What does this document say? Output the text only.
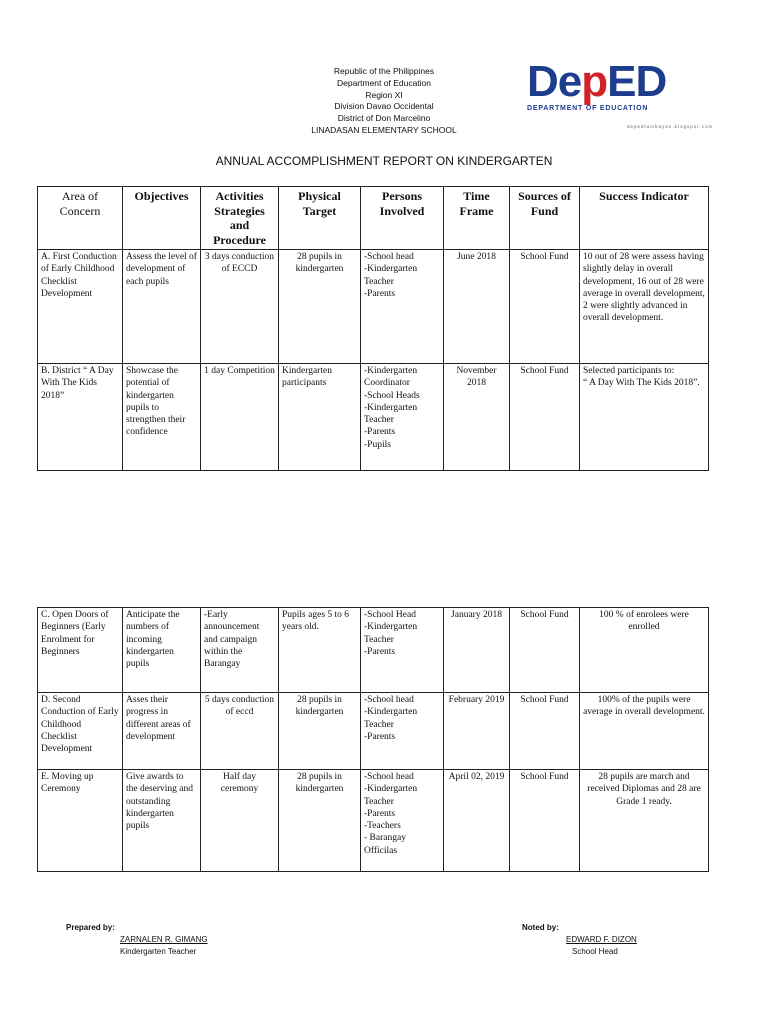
Republic of the Philippines
Department of Education
Region XI
Division Davao Occidental
District of Don Marcelino
LINADASAN ELEMENTARY SCHOOL
DepED
DEPARTMENT OF EDUCATION
depedtambayan.blogspot.com
ANNUAL ACCOMPLISHMENT REPORT ON KINDERGARTEN
Area of Concern	Objectives	Activities Strategies and Procedure	Physical Target	Persons Involved	Time Frame	Sources of Fund	Success Indicator
A. First Conduction of Early Childhood Checklist Development	Assess the level of development of each pupils	3 days conduction of ECCD	28 pupils in kindergarten	-School head
-Kindergarten Teacher
-Parents	June 2018	School Fund	10 out of 28 were assess having slightly delay in overall development, 16 out of 28 were average in overall development,
2 were slightly advanced in overall development.
B. District “ A Day With The Kids 2018”	Showcase the potential of kindergarten pupils to strengthen their confidence	1 day Competition	Kindergarten participants	-Kindergarten Coordinator
-School Heads
-Kindergarten Teacher
-Parents
-Pupils	November 2018	School Fund	Selected participants to:
“ A Day With The Kids 2018”.
C. Open Doors of Beginners (Early Enrolment for Beginners	Anticipate the numbers of incoming kindergarten pupils	-Early announcement and campaign within the Barangay	Pupils ages 5 to 6 years old.	-School Head
-Kindergarten Teacher
-Parents	January 2018	School Fund	100 % of enrolees were enrolled
D. Second Conduction of Early Childhood Checklist Development	Asses their progress in different areas of development	5 days conduction of eccd	28 pupils in kindergarten	-School head
-Kindergarten Teacher
-Parents	February 2019	School Fund	100% of the pupils were average in overall development.
E. Moving up Ceremony	Give awards to the deserving and outstanding kindergarten pupils	Half day ceremony	28 pupils in kindergarten	-School head
-Kindergarten Teacher
-Parents
-Teachers
- Barangay Officilas	April 02, 2019	School Fund	28 pupils are march and received Diplomas and 28 are Grade 1 ready.
Prepared by:
ZARNALEN R. GIMANG
Kindergarten Teacher
Noted by:
EDWARD F. DIZON
School Head
